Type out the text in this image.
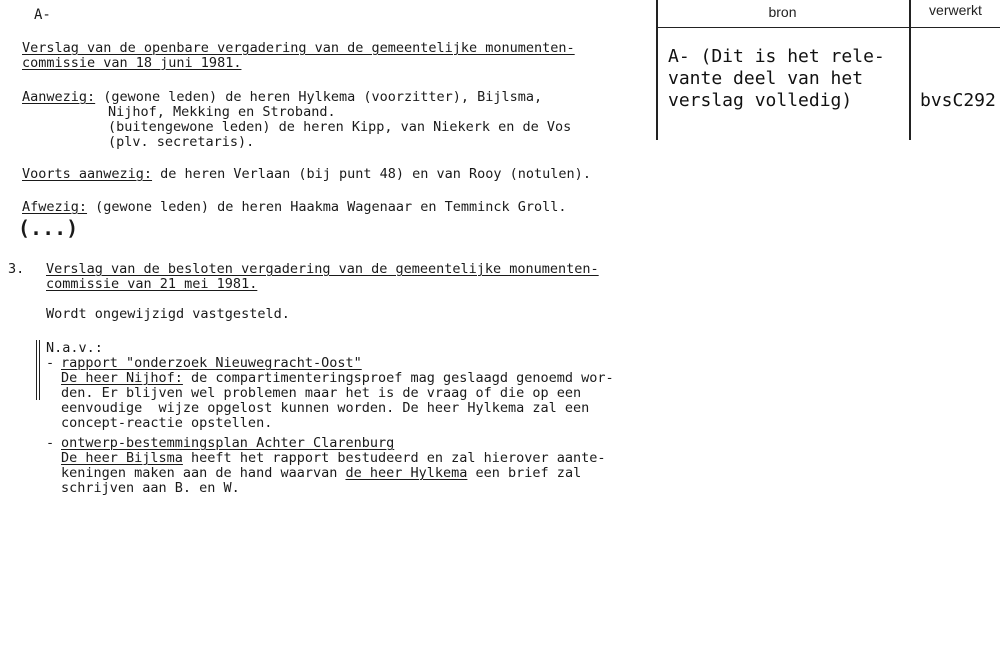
A-
Verslag van de openbare vergadering van de gemeentelijke monumenten-
commissie van 18 juni 1981.
Aanwezig: (gewone leden) de heren Hylkema (voorzitter), Bijlsma,
Nijhof, Mekking en Stroband.
(buitengewone leden) de heren Kipp, van Niekerk en de Vos
(plv. secretaris).
Voorts aanwezig: de heren Verlaan (bij punt 48) en van Rooy (notulen).
Afwezig: (gewone leden) de heren Haakma Wagenaar en Temminck Groll.
(...)
3. Verslag van de besloten vergadering van de gemeentelijke monumenten-
commissie van 21 mei 1981.
Wordt ongewijzigd vastgesteld.
N.a.v.:
- rapport "onderzoek Nieuwegracht-Oost"
De heer Nijhof: de compartimenteringsproef mag geslaagd genoemd wor-
den. Er blijven wel problemen maar het is de vraag of die op een
eenvoudige  wijze opgelost kunnen worden. De heer Hylkema zal een
concept-reactie opstellen.
- ontwerp-bestemmingsplan Achter Clarenburg
De heer Bijlsma heeft het rapport bestudeerd en zal hierover aante-
keningen maken aan de hand waarvan de heer Hylkema een brief zal
schrijven aan B. en W.
bron	verwerkt
A- (Dit is het rele-
vante deel van het
verslag volledig)	bvsC292
